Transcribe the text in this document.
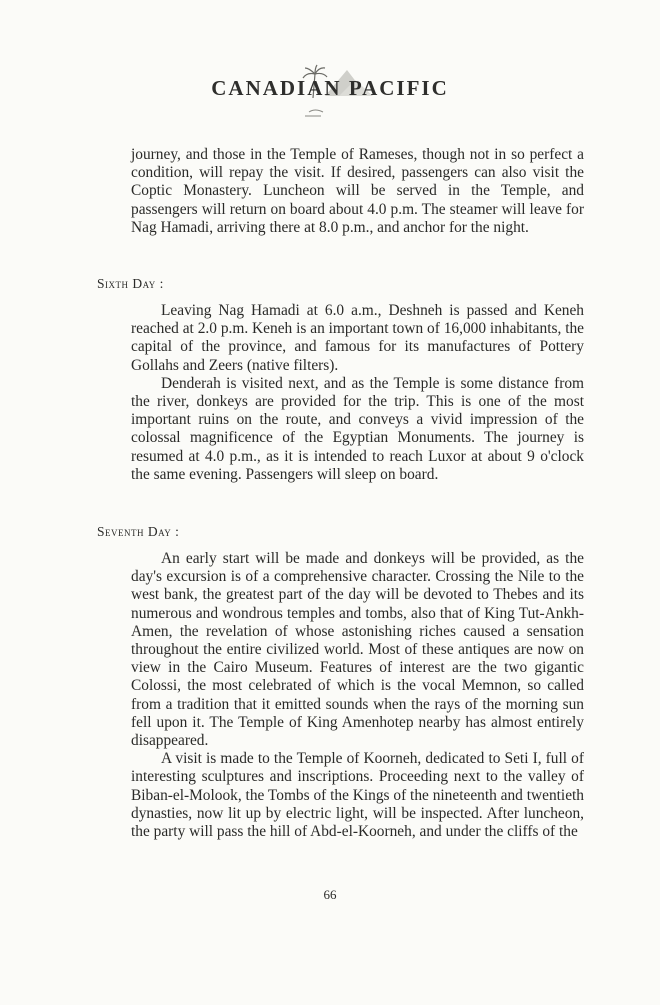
CANADIAN PACIFIC

journey, and those in the Temple of Rameses, though not in so perfect a condition, will repay the visit. If desired, passengers can also visit the Coptic Monastery. Luncheon will be served in the Temple, and passengers will return on board about 4.0 p.m. The steamer will leave for Nag Hamadi, arriving there at 8.0 p.m., and anchor for the night.

Sixth Day :

Leaving Nag Hamadi at 6.0 a.m., Deshneh is passed and Keneh reached at 2.0 p.m. Keneh is an important town of 16,000 inhabitants, the capital of the province, and famous for its manufactures of Pottery Gollahs and Zeers (native filters).

Denderah is visited next, and as the Temple is some distance from the river, donkeys are provided for the trip. This is one of the most important ruins on the route, and conveys a vivid impression of the colossal magnificence of the Egyptian Monuments. The journey is resumed at 4.0 p.m., as it is intended to reach Luxor at about 9 o'clock the same evening. Passengers will sleep on board.

Seventh Day :

An early start will be made and donkeys will be provided, as the day's excursion is of a comprehensive character. Crossing the Nile to the west bank, the greatest part of the day will be devoted to Thebes and its numerous and wondrous temples and tombs, also that of King Tut-Ankh-Amen, the revelation of whose astonishing riches caused a sensation throughout the entire civilized world. Most of these antiques are now on view in the Cairo Museum. Features of interest are the two gigantic Colossi, the most celebrated of which is the vocal Memnon, so called from a tradition that it emitted sounds when the rays of the morning sun fell upon it. The Temple of King Amenhotep nearby has almost entirely disappeared.

A visit is made to the Temple of Koorneh, dedicated to Seti I, full of interesting sculptures and inscriptions. Proceeding next to the valley of Biban-el-Molook, the Tombs of the Kings of the nineteenth and twentieth dynasties, now lit up by electric light, will be inspected. After luncheon, the party will pass the hill of Abd-el-Koorneh, and under the cliffs of the

66
